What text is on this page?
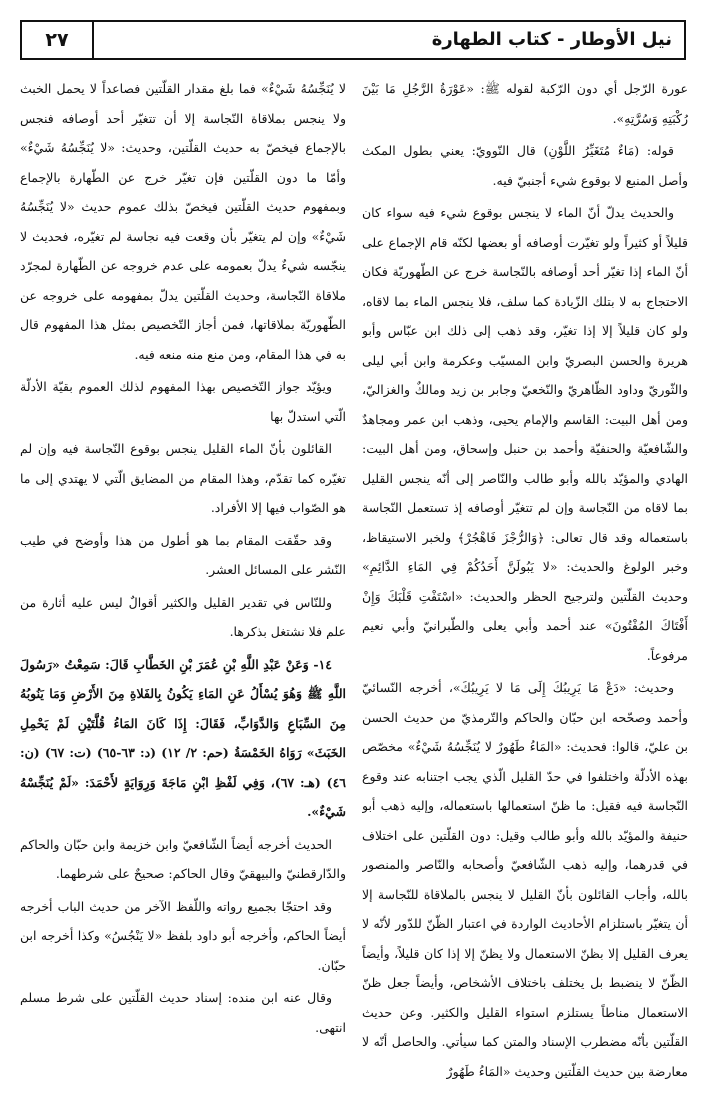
نيل الأوطار - كتاب الطهارة
٢٧

عورة الرّجل أي دون الرّكبة لقوله ﷺ: «عَوْرَةُ الرَّجُلِ مَا بَيْنَ رُكْبَتِهِ وَسُرَّتِهِ».

قوله: (مَاءٌ مُتَغَيِّرُ اللَّوْنِ) قال النّوويّ: يعني بطول المكث وأصل المنبع لا بوقوع شيء أجنبيّ فيه.

والحديث يدلّ أنّ الماء لا ينجس بوقوع شيء فيه سواء كان قليلاً أو كثيراً ولو تغيّرت أوصافه أو بعضها لكنّه قام الإجماع على أنّ الماء إذا تغيّر أحد أوصافه بالنّجاسة خرج عن الطّهوريّة فكان الاحتجاج به لا بتلك الزّيادة كما سلف، فلا ينجس الماء بما لاقاه، ولو كان قليلاً إلا إذا تغيّر، وقد ذهب إلى ذلك ابن عبّاس وأبو هريرة والحسن البصريّ وابن المسيّب وعكرمة وابن أبي ليلى والثّوريّ وداود الظّاهريّ والنّخعيّ وجابر بن زيد ومالكٌ والغزاليّ، ومن أهل البيت: القاسم والإمام يحيى، وذهب ابن عمر ومجاهدٌ والشّافعيّة والحنفيّة وأحمد بن حنبل وإسحاق، ومن أهل البيت: الهادي والمؤيّد بالله وأبو طالب والنّاصر إلى أنّه ينجس القليل بما لاقاه من النّجاسة وإن لم تتغيّر أوصافه إذ تستعمل النّجاسة باستعماله وقد قال تعالى: ﴿وَالرُّجْزَ فَاهْجُرْ﴾ ولخبر الاستيقاظ، وخبر الولوغ والحديث: «لا يَبُولَنَّ أَحَدُكُمْ فِي المَاءِ الدَّائِمِ» وحديث القلّتين ولترجيح الحظر والحديث: «اسْتَفْتِ قَلْبَكَ وَإِنْ أَفْتَاكَ المُفْتُونَ» عند أحمد وأبي يعلى والطّبرانيّ وأبي نعيم مرفوعاً.

وحديث: «دَعْ مَا يَرِيبُكَ إِلَى مَا لا يَرِيبُكَ»، أخرجه النّسائيّ وأحمد وصحّحه ابن حبّان والحاكم والتّرمذيّ من حديث الحسن بن عليّ، قالوا: فحديث: «المَاءُ طَهُورٌ لا يُنَجِّسُهُ شَيْءٌ» مخصّص بهذه الأدلّة واختلفوا في حدّ القليل الّذي يجب اجتنابه عند وقوع النّجاسة فيه فقيل: ما ظنّ استعمالها باستعماله، وإليه ذهب أبو حنيفة والمؤيّد بالله وأبو طالب وقيل: دون القلّتين على اختلاف في قدرهما، وإليه ذهب الشّافعيّ وأصحابه والنّاصر والمنصور بالله، وأجاب القائلون بأنّ القليل لا ينجس بالملاقاة للنّجاسة إلا أن يتغيّر باستلزام الأحاديث الواردة في اعتبار الظّنّ للدّور لأنّه لا يعرف القليل إلا بظنّ الاستعمال ولا يظنّ إلا إذا كان قليلاً، وأيضاً الظّنّ لا ينضبط بل يختلف باختلاف الأشخاص، وأيضاً جعل ظنّ الاستعمال مناطاً يستلزم استواء القليل والكثير. وعن حديث القلّتين بأنّه مضطرب الإسناد والمتن كما سيأتي. والحاصل أنّه لا معارضة بين حديث القلّتين وحديث «المَاءُ طَهُورٌ

لا يُنَجِّسُهُ شَيْءٌ» فما بلغ مقدار القلّتين فصاعداً لا يحمل الخبث ولا ينجس بملاقاة النّجاسة إلا أن تتغيّر أحد أوصافه فنجس بالإجماع فيخصّ به حديث القلّتين، وحديث: «لا يُنَجِّسُهُ شَيْءٌ» وأمّا ما دون القلّتين فإن تغيّر خرج عن الطّهارة بالإجماع وبمفهوم حديث القلّتين فيخصّ بذلك عموم حديث «لا يُنَجِّسُهُ شَيْءٌ» وإن لم يتغيّر بأن وقعت فيه نجاسة لم تغيّره، فحديث لا ينجّسه شيءٌ يدلّ بعمومه على عدم خروجه عن الطّهارة لمجرّد ملاقاة النّجاسة، وحديث القلّتين يدلّ بمفهومه على خروجه عن الطّهوريّة بملاقاتها، فمن أجاز التّخصيص بمثل هذا المفهوم قال به في هذا المقام، ومن منع منه منعه فيه.

ويؤيّد جواز التّخصيص بهذا المفهوم لذلك العموم بقيّة الأدلّة الّتي استدلّ بها

القائلون بأنّ الماء القليل ينجس بوقوع النّجاسة فيه وإن لم تغيّره كما تقدّم، وهذا المقام من المضايق الّتي لا يهتدي إلى ما هو الصّواب فيها إلا الأفراد.

وقد حقّقت المقام بما هو أطول من هذا وأوضح في طيب النّشر على المسائل العشر.

وللنّاس في تقدير القليل والكثير أقوالٌ ليس عليه أثارة من علم فلا نشتغل بذكرها.

١٤- وَعَنْ عَبْدِ اللَّهِ بْنِ عُمَرَ بْنِ الخَطَّابِ قَالَ: سَمِعْتُ «رَسُولَ اللَّهِ ﷺ وَهُوَ يُسْأَلُ عَنِ المَاءِ يَكُونُ بِالفَلاةِ مِنَ الأَرْضِ وَمَا يَنُوبُهُ مِنَ السِّبَاعِ وَالدَّوَابِّ، فَقَالَ: إِذَا كَانَ المَاءُ قُلَّتَيْنِ لَمْ يَحْمِلِ الخَبَثَ» رَوَاهُ الخَمْسَةُ (حم: ٢/ ١٢) (د: ٦٣-٦٥) (ت: ٦٧) (ن: ٤٦) (هـ: ٦٧)، وَفِي لَفْظِ ابْنِ مَاجَةَ وَرِوَايَةٍ لأَحْمَدَ: «لَمْ يُنَجِّسْهُ شَيْءٌ».

الحديث أخرجه أيضاً الشّافعيّ وابن خزيمة وابن حبّان والحاكم والدّارقطنيّ والبيهقيّ وقال الحاكم: صحيحٌ على شرطهما.

وقد احتجّا بجميع رواته واللّفظ الآخر من حديث الباب أخرجه أيضاً الحاكم، وأخرجه أبو داود بلفظ «لا يَنْجُسُ» وكذا أخرجه ابن حبّان.

وقال عنه ابن منده: إسناد حديث القلّتين على شرط مسلم انتهى.
